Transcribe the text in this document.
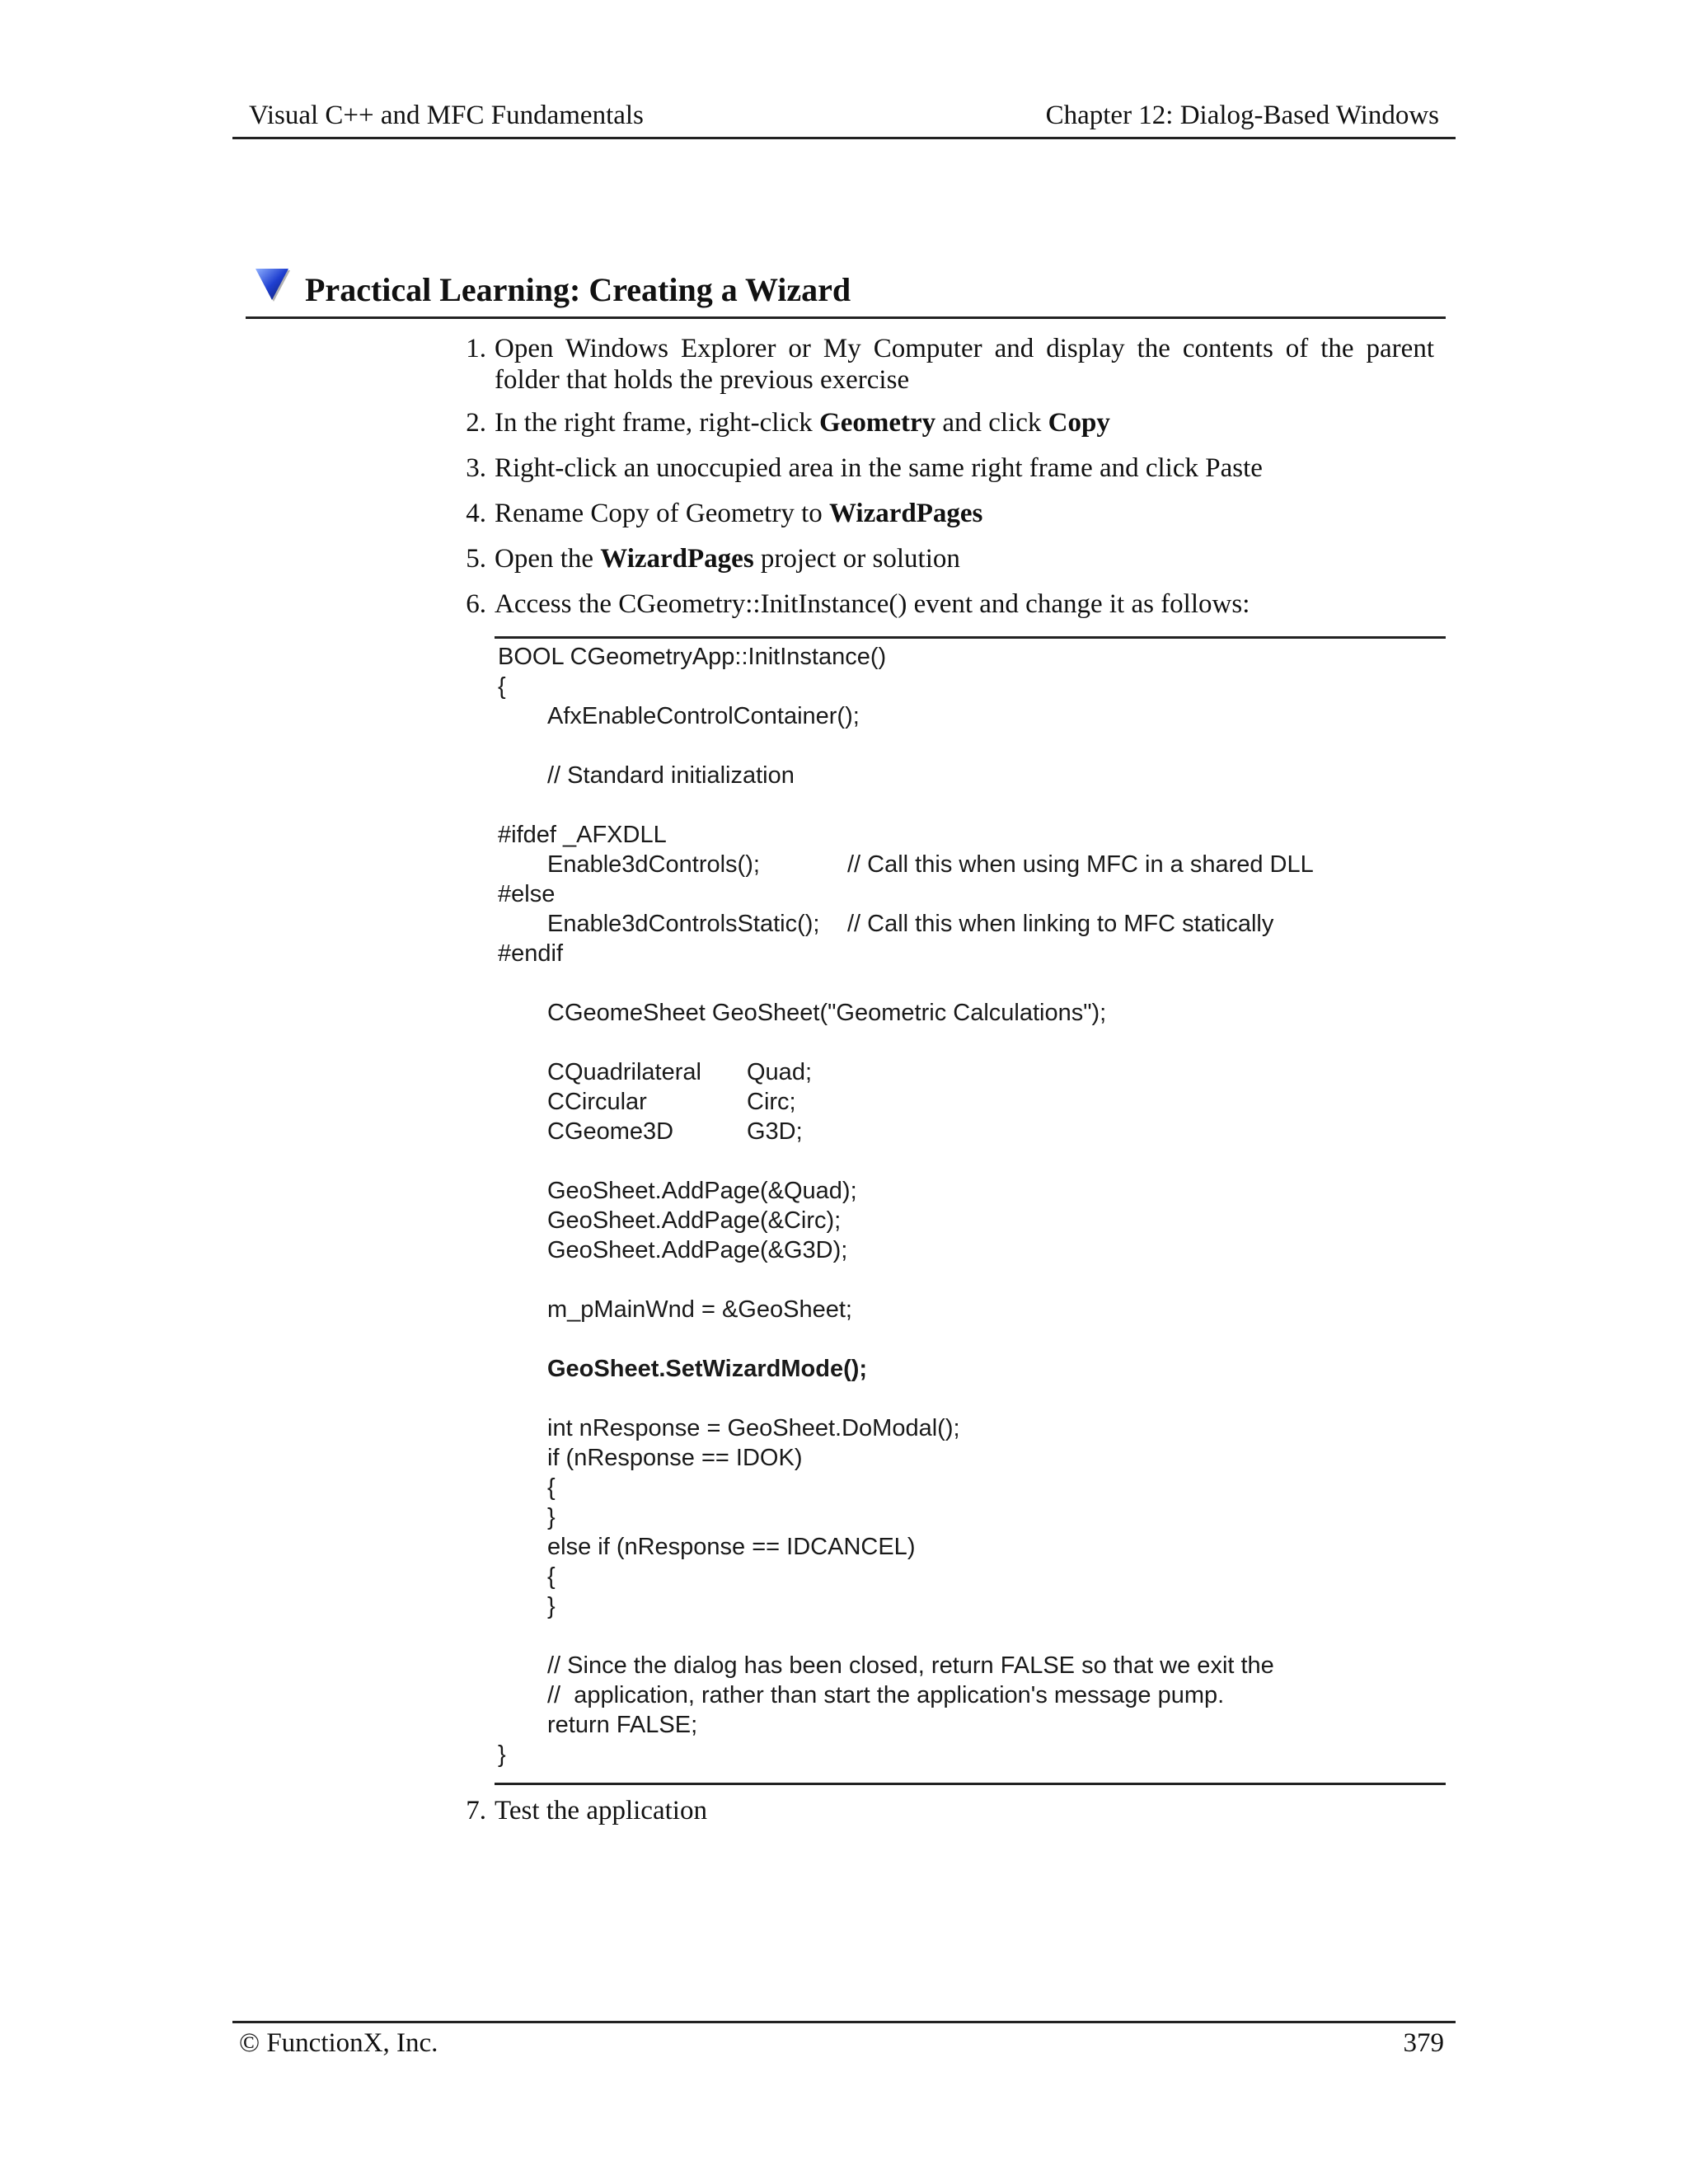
Visual C++ and MFC Fundamentals	Chapter 12: Dialog-Based Windows
Practical Learning: Creating a Wizard
1. Open Windows Explorer or My Computer and display the contents of the parent folder that holds the previous exercise
2. In the right frame, right-click Geometry and click Copy
3. Right-click an unoccupied area in the same right frame and click Paste
4. Rename Copy of Geometry to WizardPages
5. Open the WizardPages project or solution
6. Access the CGeometry::InitInstance() event and change it as follows:
BOOL CGeometryApp::InitInstance()
{
AfxEnableControlContainer();
// Standard initialization
#ifdef _AFXDLL
Enable3dControls();	// Call this when using MFC in a shared DLL
#else
Enable3dControlsStatic(); // Call this when linking to MFC statically
#endif
CGeomeSheet GeoSheet("Geometric Calculations");
CQuadrilateral Quad;
CCircular	Circ;
CGeome3D	G3D;
GeoSheet.AddPage(&Quad);
GeoSheet.AddPage(&Circ);
GeoSheet.AddPage(&G3D);
m_pMainWnd = &GeoSheet;
GeoSheet.SetWizardMode();
int nResponse = GeoSheet.DoModal();
if (nResponse == IDOK)
{
}
else if (nResponse == IDCANCEL)
{
}
// Since the dialog has been closed, return FALSE so that we exit the
//  application, rather than start the application's message pump.
return FALSE;
}
7. Test the application
© FunctionX, Inc.	379
